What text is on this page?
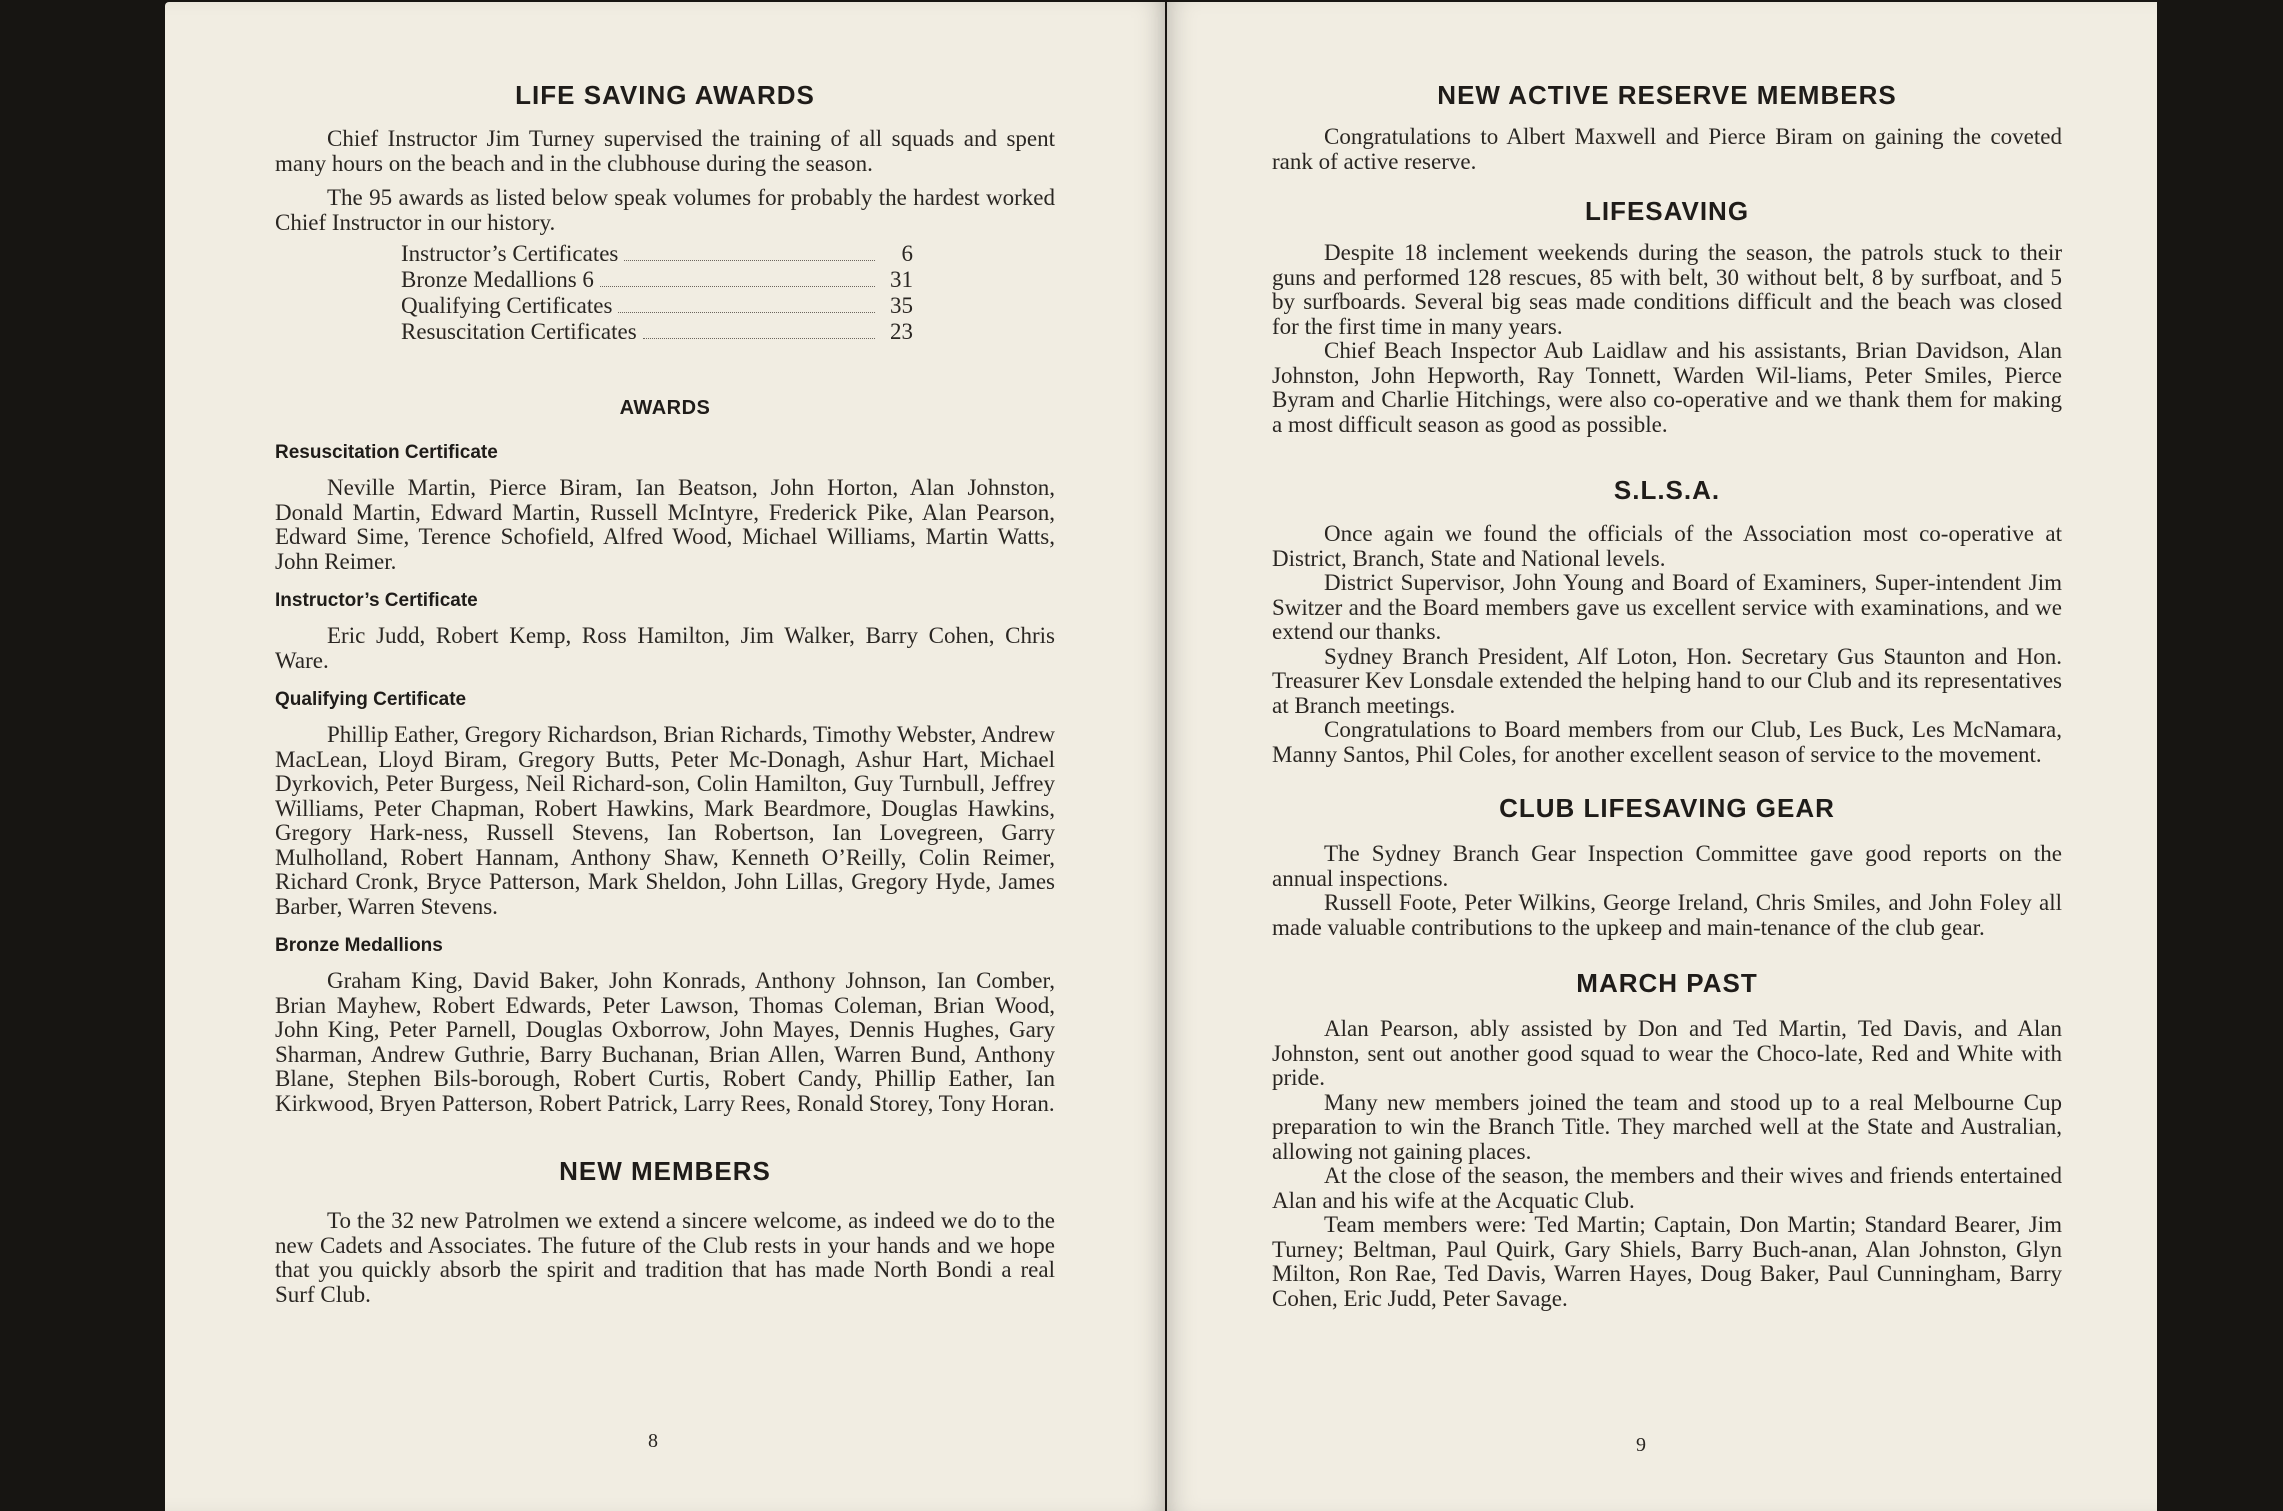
LIFE SAVING AWARDS

Chief Instructor Jim Turney supervised the training of all squads and spent many hours on the beach and in the clubhouse during the season.

The 95 awards as listed below speak volumes for probably the hardest worked Chief Instructor in our history.

Instructor’s Certificates	6
Bronze Medallions 6	31
Qualifying Certificates	35
Resuscitation Certificates	23
AWARDS
Resuscitation Certificate

Neville Martin, Pierce Biram, Ian Beatson, John Horton, Alan Johnston, Donald Martin, Edward Martin, Russell McIntyre, Frederick Pike, Alan Pearson, Edward Sime, Terence Schofield, Alfred Wood, Michael Williams, Martin Watts, John Reimer.

Instructor’s Certificate

Eric Judd, Robert Kemp, Ross Hamilton, Jim Walker, Barry Cohen, Chris Ware.

Qualifying Certificate

Phillip Eather, Gregory Richardson, Brian Richards, Timothy Webster, Andrew MacLean, Lloyd Biram, Gregory Butts, Peter Mc-Donagh, Ashur Hart, Michael Dyrkovich, Peter Burgess, Neil Richard-son, Colin Hamilton, Guy Turnbull, Jeffrey Williams, Peter Chapman, Robert Hawkins, Mark Beardmore, Douglas Hawkins, Gregory Hark-ness, Russell Stevens, Ian Robertson, Ian Lovegreen, Garry Mulholland, Robert Hannam, Anthony Shaw, Kenneth O’Reilly, Colin Reimer, Richard Cronk, Bryce Patterson, Mark Sheldon, John Lillas, Gregory Hyde, James Barber, Warren Stevens.

Bronze Medallions

Graham King, David Baker, John Konrads, Anthony Johnson, Ian Comber, Brian Mayhew, Robert Edwards, Peter Lawson, Thomas Coleman, Brian Wood, John King, Peter Parnell, Douglas Oxborrow, John Mayes, Dennis Hughes, Gary Sharman, Andrew Guthrie, Barry Buchanan, Brian Allen, Warren Bund, Anthony Blane, Stephen Bils-borough, Robert Curtis, Robert Candy, Phillip Eather, Ian Kirkwood, Bryen Patterson, Robert Patrick, Larry Rees, Ronald Storey, Tony Horan.

NEW MEMBERS

To the 32 new Patrolmen we extend a sincere welcome, as indeed we do to the new Cadets and Associates. The future of the Club rests in your hands and we hope that you quickly absorb the spirit and tradition that has made North Bondi a real Surf Club.

8
NEW ACTIVE RESERVE MEMBERS

Congratulations to Albert Maxwell and Pierce Biram on gaining the coveted rank of active reserve.

LIFESAVING

Despite 18 inclement weekends during the season, the patrols stuck to their guns and performed 128 rescues, 85 with belt, 30 without belt, 8 by surfboat, and 5 by surfboards. Several big seas made conditions difficult and the beach was closed for the first time in many years.

Chief Beach Inspector Aub Laidlaw and his assistants, Brian Davidson, Alan Johnston, John Hepworth, Ray Tonnett, Warden Wil-liams, Peter Smiles, Pierce Byram and Charlie Hitchings, were also co-operative and we thank them for making a most difficult season as good as possible.

S.L.S.A.

Once again we found the officials of the Association most co-operative at District, Branch, State and National levels.

District Supervisor, John Young and Board of Examiners, Super-intendent Jim Switzer and the Board members gave us excellent service with examinations, and we extend our thanks.

Sydney Branch President, Alf Loton, Hon. Secretary Gus Staunton and Hon. Treasurer Kev Lonsdale extended the helping hand to our Club and its representatives at Branch meetings.

Congratulations to Board members from our Club, Les Buck, Les McNamara, Manny Santos, Phil Coles, for another excellent season of service to the movement.

CLUB LIFESAVING GEAR

The Sydney Branch Gear Inspection Committee gave good reports on the annual inspections.

Russell Foote, Peter Wilkins, George Ireland, Chris Smiles, and John Foley all made valuable contributions to the upkeep and main-tenance of the club gear.

MARCH PAST

Alan Pearson, ably assisted by Don and Ted Martin, Ted Davis, and Alan Johnston, sent out another good squad to wear the Choco-late, Red and White with pride.

Many new members joined the team and stood up to a real Melbourne Cup preparation to win the Branch Title. They marched well at the State and Australian, allowing not gaining places.

At the close of the season, the members and their wives and friends entertained Alan and his wife at the Acquatic Club.

Team members were: Ted Martin; Captain, Don Martin; Standard Bearer, Jim Turney; Beltman, Paul Quirk, Gary Shiels, Barry Buch-anan, Alan Johnston, Glyn Milton, Ron Rae, Ted Davis, Warren Hayes, Doug Baker, Paul Cunningham, Barry Cohen, Eric Judd, Peter Savage.

9
